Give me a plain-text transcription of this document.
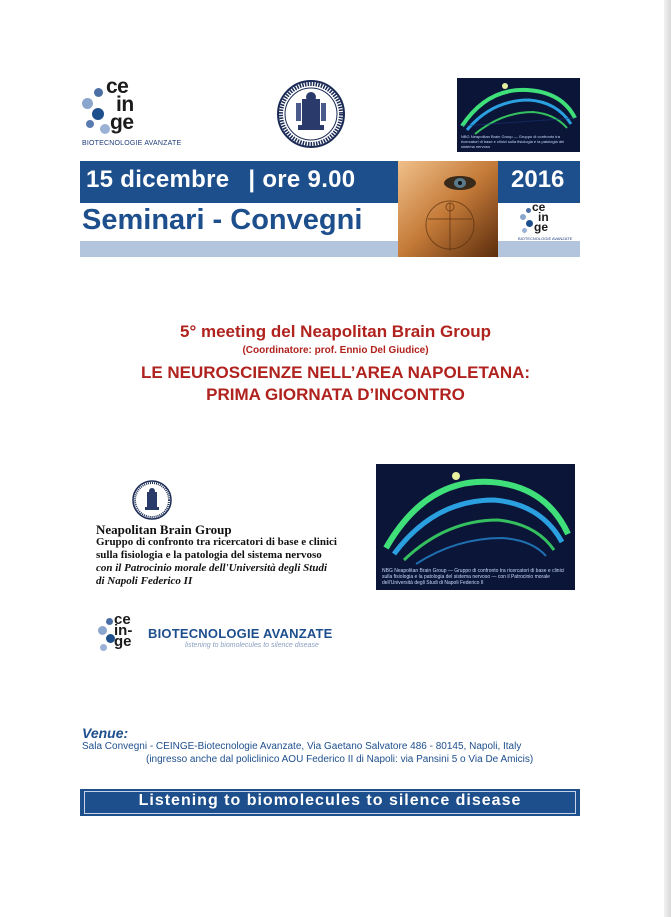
ce
in
ge
BIOTECNOLOGIE AVANZATE
NBG Neapolitan Brain Group — Gruppo di confronto tra ricercatori di base e clinici sulla fisiologia e la patologia del sistema nervoso
15 dicembre | ore 9.00	2016
Seminari - Convegni	ce
in
ge
BIOTECNOLOGIE AVANZATE
5° meeting del Neapolitan Brain Group
(Coordinatore: prof. Ennio Del Giudice)
LE NEUROSCIENZE NELL’AREA NAPOLETANA:
PRIMA GIORNATA D’INCONTRO
Neapolitan Brain Group
Gruppo di confronto tra ricercatori di base e clinici
sulla fisiologia e la patologia del sistema nervoso
con il Patrocinio morale dell'Università degli Studi
di Napoli Federico II
NBG Neapolitan Brain Group — Gruppo di confronto tra ricercatori di base e clinici sulla fisiologia e la patologia del sistema nervoso — con il Patrocinio morale dell'Università degli Studi di Napoli Federico II
ce in- ge	BIOTECNOLOGIE AVANZATE
listening to biomolecules to silence disease
Venue:
Sala Convegni - CEINGE-Biotecnologie Avanzate, Via Gaetano Salvatore 486 - 80145, Napoli, Italy
(ingresso anche dal policlinico AOU Federico II di Napoli: via Pansini 5 o Via De Amicis)
Listening to biomolecules to silence disease
